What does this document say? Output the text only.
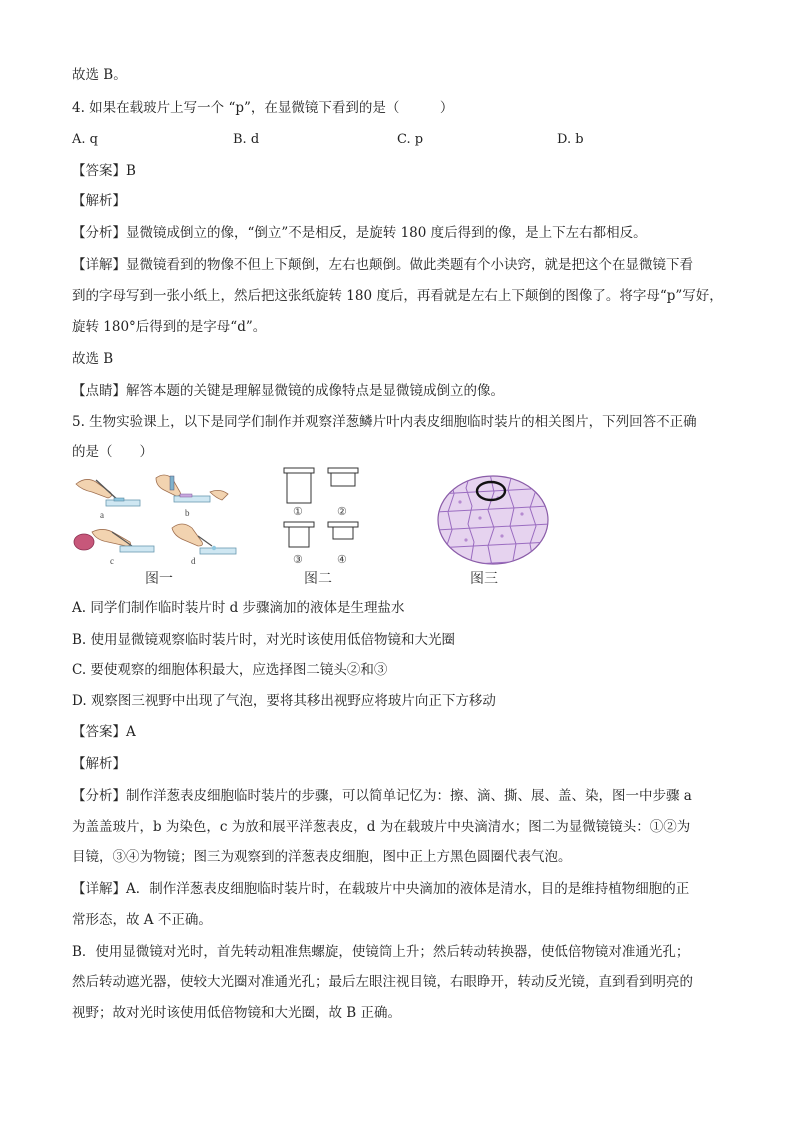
故选 B。
4. 如果在载玻片上写一个 “p”，在显微镜下看到的是（　　　）
A. q	B. d	C. p	D. b
【答案】B
【解析】
【分析】显微镜成倒立的像，“倒立”不是相反，是旋转 180 度后得到的像，是上下左右都相反。
【详解】显微镜看到的物像不但上下颠倒，左右也颠倒。做此类题有个小诀窍，就是把这个在显微镜下看
到的字母写到一张小纸上，然后把这张纸旋转 180 度后，再看就是左右上下颠倒的图像了。将字母“p”写好，
旋转 180°后得到的是字母“d”。
故选 B
【点睛】解答本题的关键是理解显微镜的成像特点是显微镜成倒立的像。
5. 生物实验课上，以下是同学们制作并观察洋葱鳞片叶内表皮细胞临时装片的相关图片，下列回答不正确
的是（　　）
a	b
c	d
图一
①	②
③	④
图二	图三
A. 同学们制作临时装片时 d 步骤滴加的液体是生理盐水
B. 使用显微镜观察临时装片时，对光时该使用低倍物镜和大光圈
C. 要使观察的细胞体积最大，应选择图二镜头②和③
D. 观察图三视野中出现了气泡，要将其移出视野应将玻片向正下方移动
【答案】A
【解析】
【分析】制作洋葱表皮细胞临时装片的步骤，可以简单记忆为：擦、滴、撕、展、盖、染，图一中步骤 a
为盖盖玻片，b 为染色，c 为放和展平洋葱表皮，d 为在载玻片中央滴清水；图二为显微镜镜头：①②为
目镜，③④为物镜；图三为观察到的洋葱表皮细胞，图中正上方黑色圆圈代表气泡。
【详解】A．制作洋葱表皮细胞临时装片时，在载玻片中央滴加的液体是清水，目的是维持植物细胞的正
常形态，故 A 不正确。
B．使用显微镜对光时，首先转动粗准焦螺旋，使镜筒上升；然后转动转换器，使低倍物镜对准通光孔；
然后转动遮光器，使较大光圈对准通光孔；最后左眼注视目镜，右眼睁开，转动反光镜，直到看到明亮的
视野；故对光时该使用低倍物镜和大光圈，故 B 正确。
